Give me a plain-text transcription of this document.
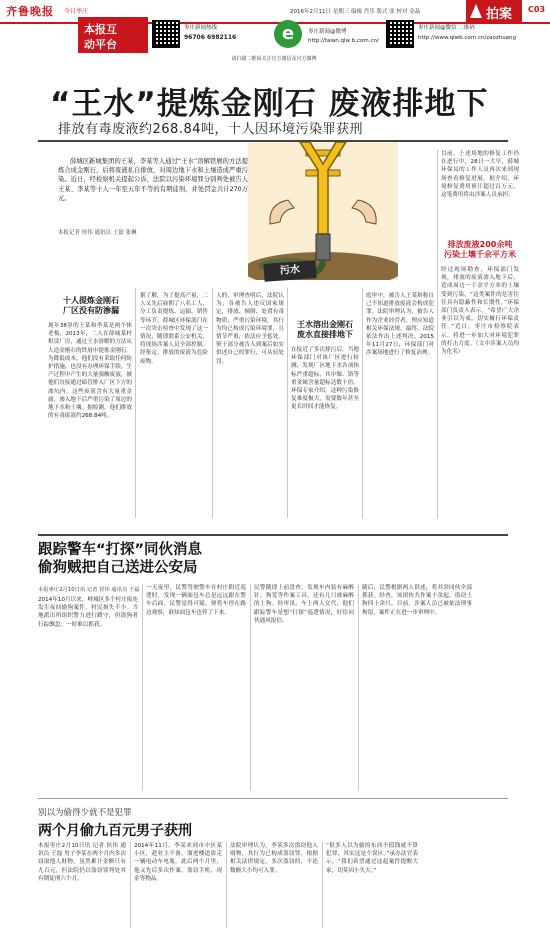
齐鲁晚报 今日枣庄	2016年2月11日 星期三 编辑 肖乐 版式 张 校对 金晶	拍案 C03
本报互
动平台
枣庄新闻热线
96706 6982116	e	枣庄新闻@微博
http://taian.qlw b.com.cn/
枣庄新闻@微信 二维码
http://www.qlwb.com.cn/zaozhuang
请扫描二维码关注官方微信及官方微博
“王水”提炼金刚石 废液排地下
排放有毒废液约268.84吨，十人因环境污染罪获刑
薛城区新城集团的王某，李某等人通过“王水”溶解铁屑的方法提炼合成金刚石，后将废液私自排放，对周边地下水和土壤造成严重污染。近日，经检察机关提起公诉，法院以污染环境罪分别判处被告人王某、李某等十人一年至五年不等的有期徒刑，并处罚金共计270万元。
本报记者 侯伟 通讯员 王磊 张琳
污水
十人提炼金刚石
厂区没有防渗漏
现年38岁的王某和李某是两个体老板，2013年，二人在薛城某村租赁厂房，通过王水溶解的方法从人造金刚石的铁屑中提炼金刚石。为降低成本，他们没有采取任何防护措施，也没有办理环保手续。生产过程中产生的大量强酸废液，被他们直接通过暗管排入厂区下方的渗坑内。这些废液含有大量重金属，渗入地下后严重污染了周边的地下水和土壤。据检测，他们排放的有毒废液约268.84吨。
据了解，为了提高产量，二人又先后雇佣了八名工人，分工负责提炼、运输、销售等环节。薛城区环保部门在一次突击检查中发现了这一情况，随即联系公安机关，将现场涉案人员全部控制。经鉴定，排放的废液为危险废物。
人的，审理查明后，法院认为，各被告人违反国家规定，排放、倾倒、处置有毒物质，严重污染环境，其行为均已构成污染环境罪，且情节严重，依法应予惩处。鉴于部分被告人到案后如实供述自己的罪行，可从轻处罚。
王水溶出金刚石
废水直接排地下
在接近了多次排污后，当地环保部门对该厂区进行检测，发现厂区地下水各项指标严重超标，其中镍、铬等重金属含量超标达数十倍。环保专家介绍，这种污染修复难度极大，需要数年甚至更长时间才能恢复。
庭审中，被告人王某辩称自己不知道排放废液会构成犯罪。法院审理认为，被告人作为企业经营者，理应知道相关环保法规。最终，法院依法作出上述判决。2015年11月27日，环保部门对涉案场地进行了修复治理。
目前，上述场地的修复工作仍在进行中，28日一大早，薛城环保局的工作人员再次来到现场查看修复进展。据介绍，环境修复费用预计超过百万元，这笔费用将由涉案人员承担。
排放废液200余吨
污染土壤千余平方米
经过现场勘查，环保部门发现，排放的废液渗入地下后，造成周边一千余平方米的土壤受到污染。“这类案件的危害往往具有隐蔽性和长期性，”环保部门负责人表示，“希望广大企业引以为戒，切实履行环保责任。”近日，枣庄市检察院表示，将进一步加大对环境犯罪的打击力度。（文中涉案人员均为化名）
跟踪警车“打探”同伙消息
偷狗贼把自己送进公安局
本报枣庄2月10日讯 记者 侯伟 通讯员 王磊
2014年10月以来，峄城区多个村庄接连发生夜间偷狗案件，村民损失不小。当地派出所组织警力进行蹲守，但盗狗者行踪飘忽，一时难以抓获。
一天夜里，民警驾驶警车在村庄附近巡逻时，发现一辆面包车总是远远跟在警车后面。民警觉得可疑，便将车停在路边观察，谁知面包车也停了下来。
民警随即上前盘查，发现车内装有麻醉针、狗笼等作案工具，还有几只被麻醉的土狗。经审讯，车上两人交代，他们跟踪警车是想“打探”巡逻情况，好给同伙通风报信。
随后，民警根据两人供述，将其余同伙全部抓获。经查，该团伙共作案十余起，盗窃土狗四十余只。目前，涉案人员已被依法刑事拘留，案件正在进一步审理中。
别以为偷得少就不是犯罪
两个月偷九百元男子获刑
本报枣庄2月10日讯 记者 侯伟 通讯员 王磊 男子李某在两个月内多次窃取他人财物，虽然累计金额只有九百元，但法院仍以盗窃罪判处其有期徒刑六个月。
2014年11月，李某来到市中区某小区，趁业主不备，溜进楼道盗走一辆电动车电瓶。此后两个月里，他又先后多次作案，盗窃手机、现金等物品。
法院审理认为，李某多次盗窃他人财物，其行为已构成盗窃罪。根据相关法律规定，多次盗窃的，不论数额大小均可入罪。
“很多人以为偷的东西不值钱就不算犯罪，其实这是个误区。”承办法官表示，“我们希望通过这起案件提醒大家，切莫因小失大。”
